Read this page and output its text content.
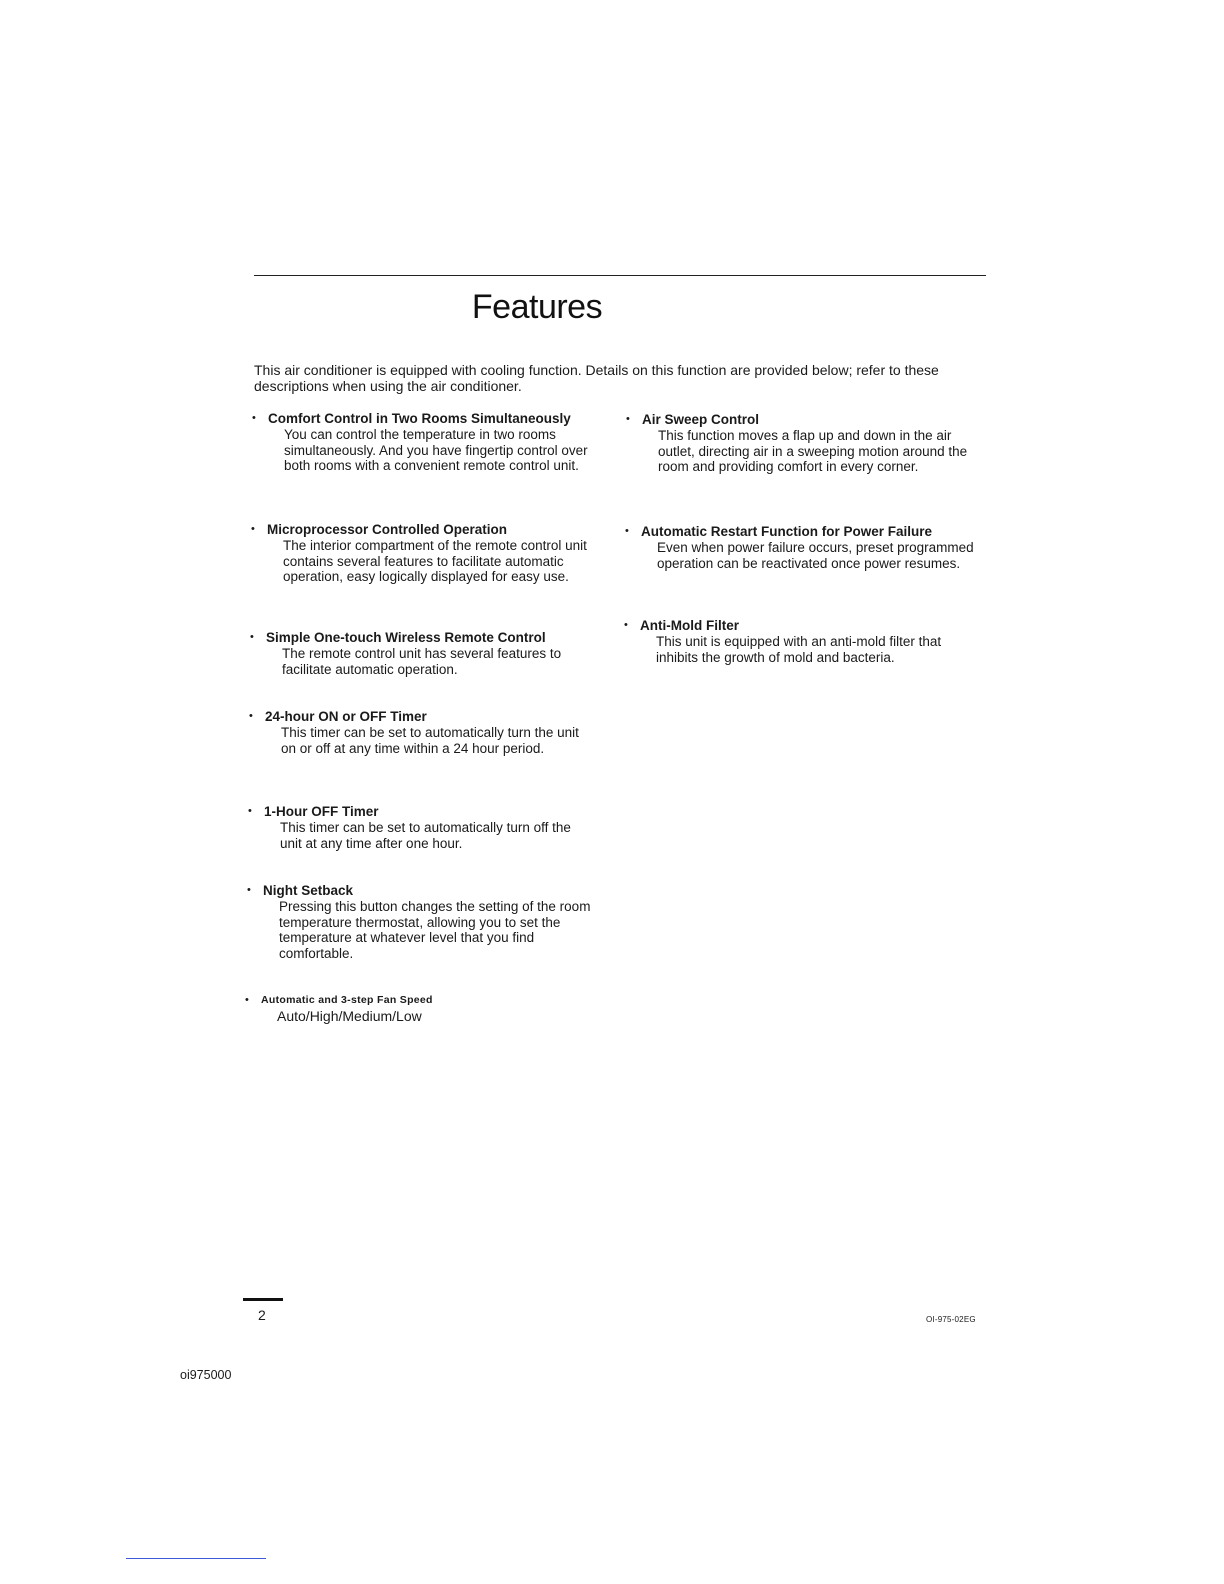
Features
This air conditioner is equipped with cooling function. Details on this function are provided below; refer to these descriptions when using the air conditioner.
• Comfort Control in Two Rooms Simultaneously
You can control the temperature in two rooms simultaneously. And you have fingertip control over both rooms with a convenient remote control unit.
• Microprocessor Controlled Operation
The interior compartment of the remote control unit contains several features to facilitate automatic operation, easy logically displayed for easy use.
• Simple One-touch Wireless Remote Control
The remote control unit has several features to facilitate automatic operation.
• 24-hour ON or OFF Timer
This timer can be set to automatically turn the unit on or off at any time within a 24 hour period.
• 1-Hour OFF Timer
This timer can be set to automatically turn off the unit at any time after one hour.
• Night Setback
Pressing this button changes the setting of the room temperature thermostat, allowing you to set the temperature at whatever level that you find comfortable.
• Automatic and 3-step Fan Speed
Auto/High/Medium/Low
• Air Sweep Control
This function moves a flap up and down in the air outlet, directing air in a sweeping motion around the room and providing comfort in every corner.
• Automatic Restart Function for Power Failure
Even when power failure occurs, preset programmed operation can be reactivated once power resumes.
• Anti-Mold Filter
This unit is equipped with an anti-mold filter that inhibits the growth of mold and bacteria.
2	OI-975-02EG
oi975000
